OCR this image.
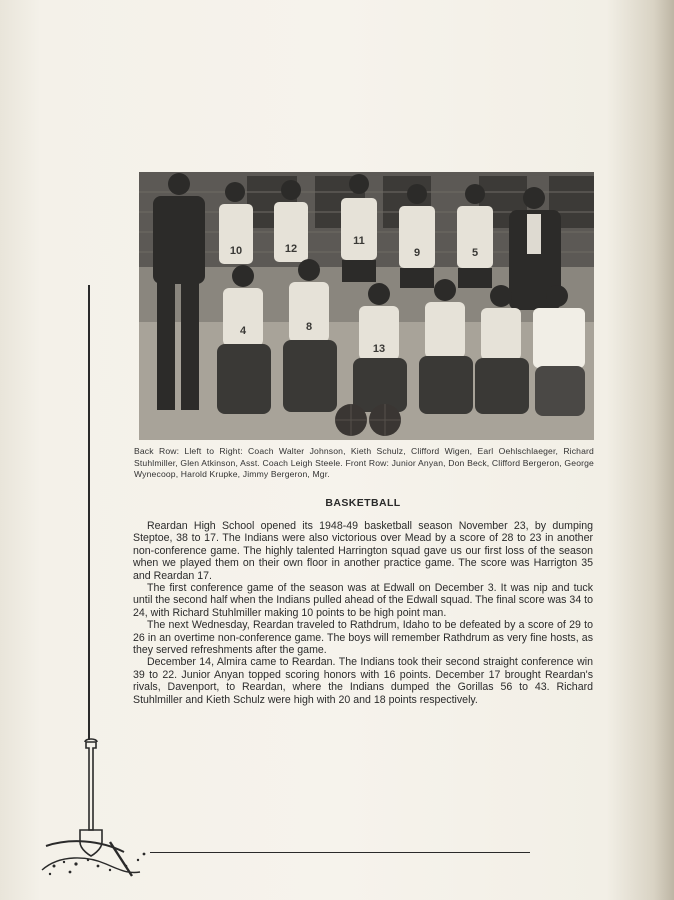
10	12
11
9	5
4	8
13
Back Row: Lleft to Right: Coach Walter Johnson, Kieth Schulz, Clifford Wigen, Earl Oehlschlaeger, Richard Stuhlmiller, Glen Atkinson, Asst. Coach Leigh Steele. Front Row: Junior Anyan, Don Beck, Clifford Bergeron, George Wynecoop, Harold Krupke, Jimmy Bergeron, Mgr.
BASKETBALL

Reardan High School opened its 1948-49 basketball season November 23, by dumping Steptoe, 38 to 17. The Indians were also victorious over Mead by a score of 28 to 23 in another non-conference game. The highly talented Harrington squad gave us our first loss of the season when we played them on their own floor in another practice game. The score was Harrigton 35 and Reardan 17.

The first conference game of the season was at Edwall on December 3. It was nip and tuck until the second half when the Indians pulled ahead of the Edwall squad. The final score was 34 to 24, with Richard Stuhlmiller making 10 points to be high point man.

The next Wednesday, Reardan traveled to Rathdrum, Idaho to be defeated by a score of 29 to 26 in an overtime non-conference game. The boys will remember Rathdrum as very fine hosts, as they served refreshments after the game.

December 14, Almira came to Reardan. The Indians took their second straight conference win 39 to 22. Junior Anyan topped scoring honors with 16 points. December 17 brought Reardan's rivals, Davenport, to Reardan, where the Indians dumped the Gorillas 56 to 43. Richard Stuhlmiller and Kieth Schulz were high with 20 and 18 points respectively.
